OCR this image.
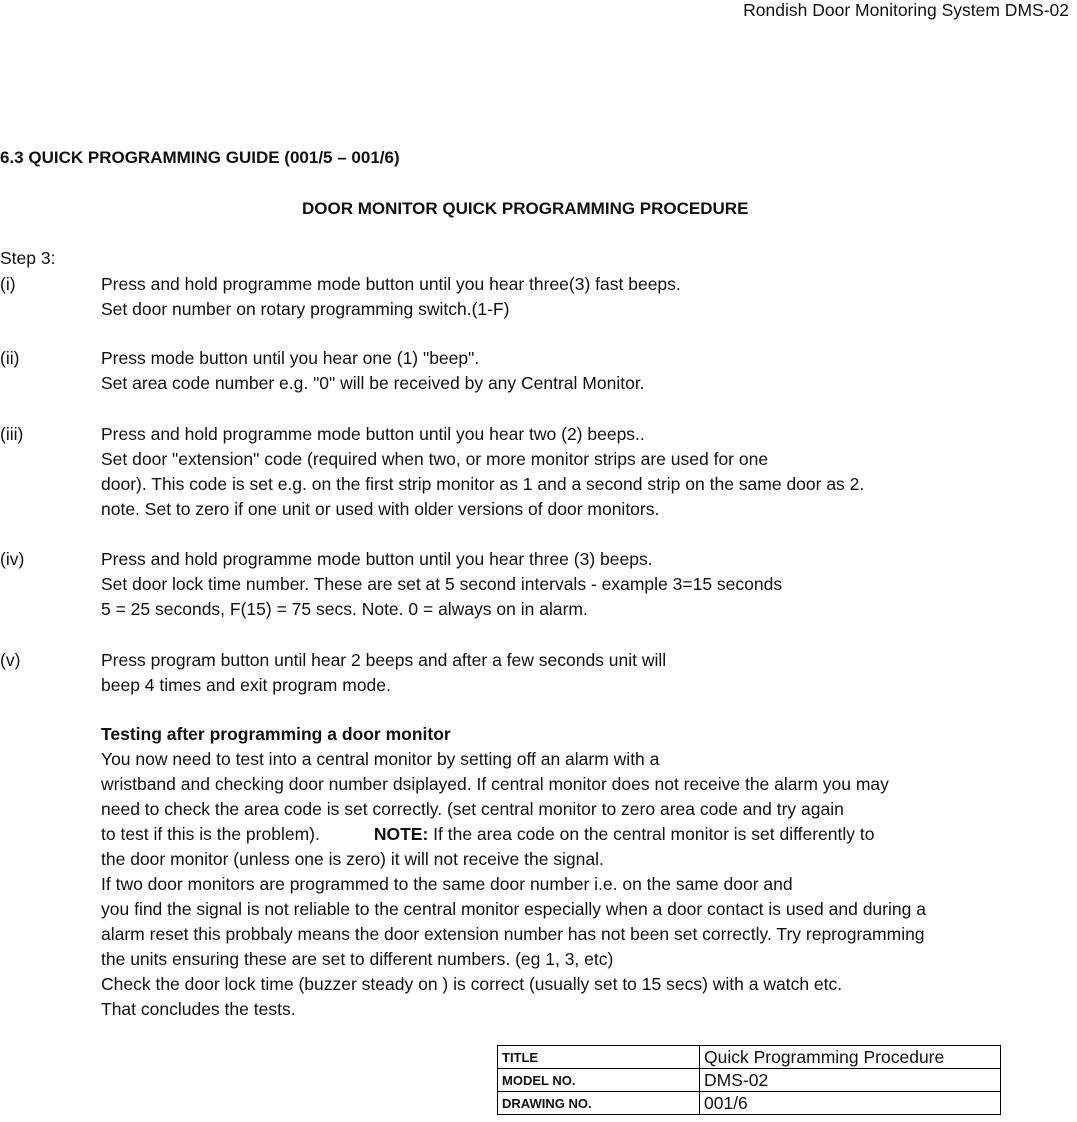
Rondish Door Monitoring System DMS-02
6.3 QUICK PROGRAMMING GUIDE (001/5 – 001/6)
DOOR MONITOR QUICK PROGRAMMING PROCEDURE
Step 3:
(i)	Press and hold programme mode button until you hear three(3) fast beeps.
Set door number on rotary programming switch.(1-F)
(ii)	Press mode button until you hear one (1) "beep".
Set area code number e.g. "0" will be received by any Central Monitor.
(iii)	Press and hold programme mode button until you hear two (2) beeps..
Set door "extension" code (required when two, or more monitor strips are used for one
door). This code is set e.g. on the first strip monitor as 1 and a second strip on the same door as 2.
note. Set to zero if one unit or used with older versions of door monitors.
(iv)	Press and hold programme mode button until you hear three (3) beeps.
Set door lock time number. These are set at 5 second intervals - example 3=15 seconds
5 = 25 seconds, F(15) = 75 secs. Note. 0 = always on in alarm.
(v)	Press program button until hear 2 beeps and after a few seconds unit will
beep 4 times and exit program mode.
Testing after programming a door monitor
You now need to test into a central monitor by setting off an alarm with a
wristband and checking door number dsiplayed. If central monitor does not receive the alarm you may
need to check the area code is set correctly. (set central monitor to zero area code and try again
to test if this is the problem).	NOTE: If the area code on the central monitor is set differently to
the door monitor (unless one is zero) it will not receive the signal.
If two door monitors are programmed to the same door number i.e. on the same door and
you find the signal is not reliable to the central monitor especially when a door contact is used and during a
alarm reset this probbaly means the door extension number has not been set correctly. Try reprogramming
the units ensuring these are set to different numbers. (eg 1, 3, etc)
Check the door lock time (buzzer steady on ) is correct (usually set to 15 secs) with a watch etc.
That concludes the tests.
TITLE	Quick Programming Procedure
MODEL NO.	DMS-02
DRAWING NO.	001/6
